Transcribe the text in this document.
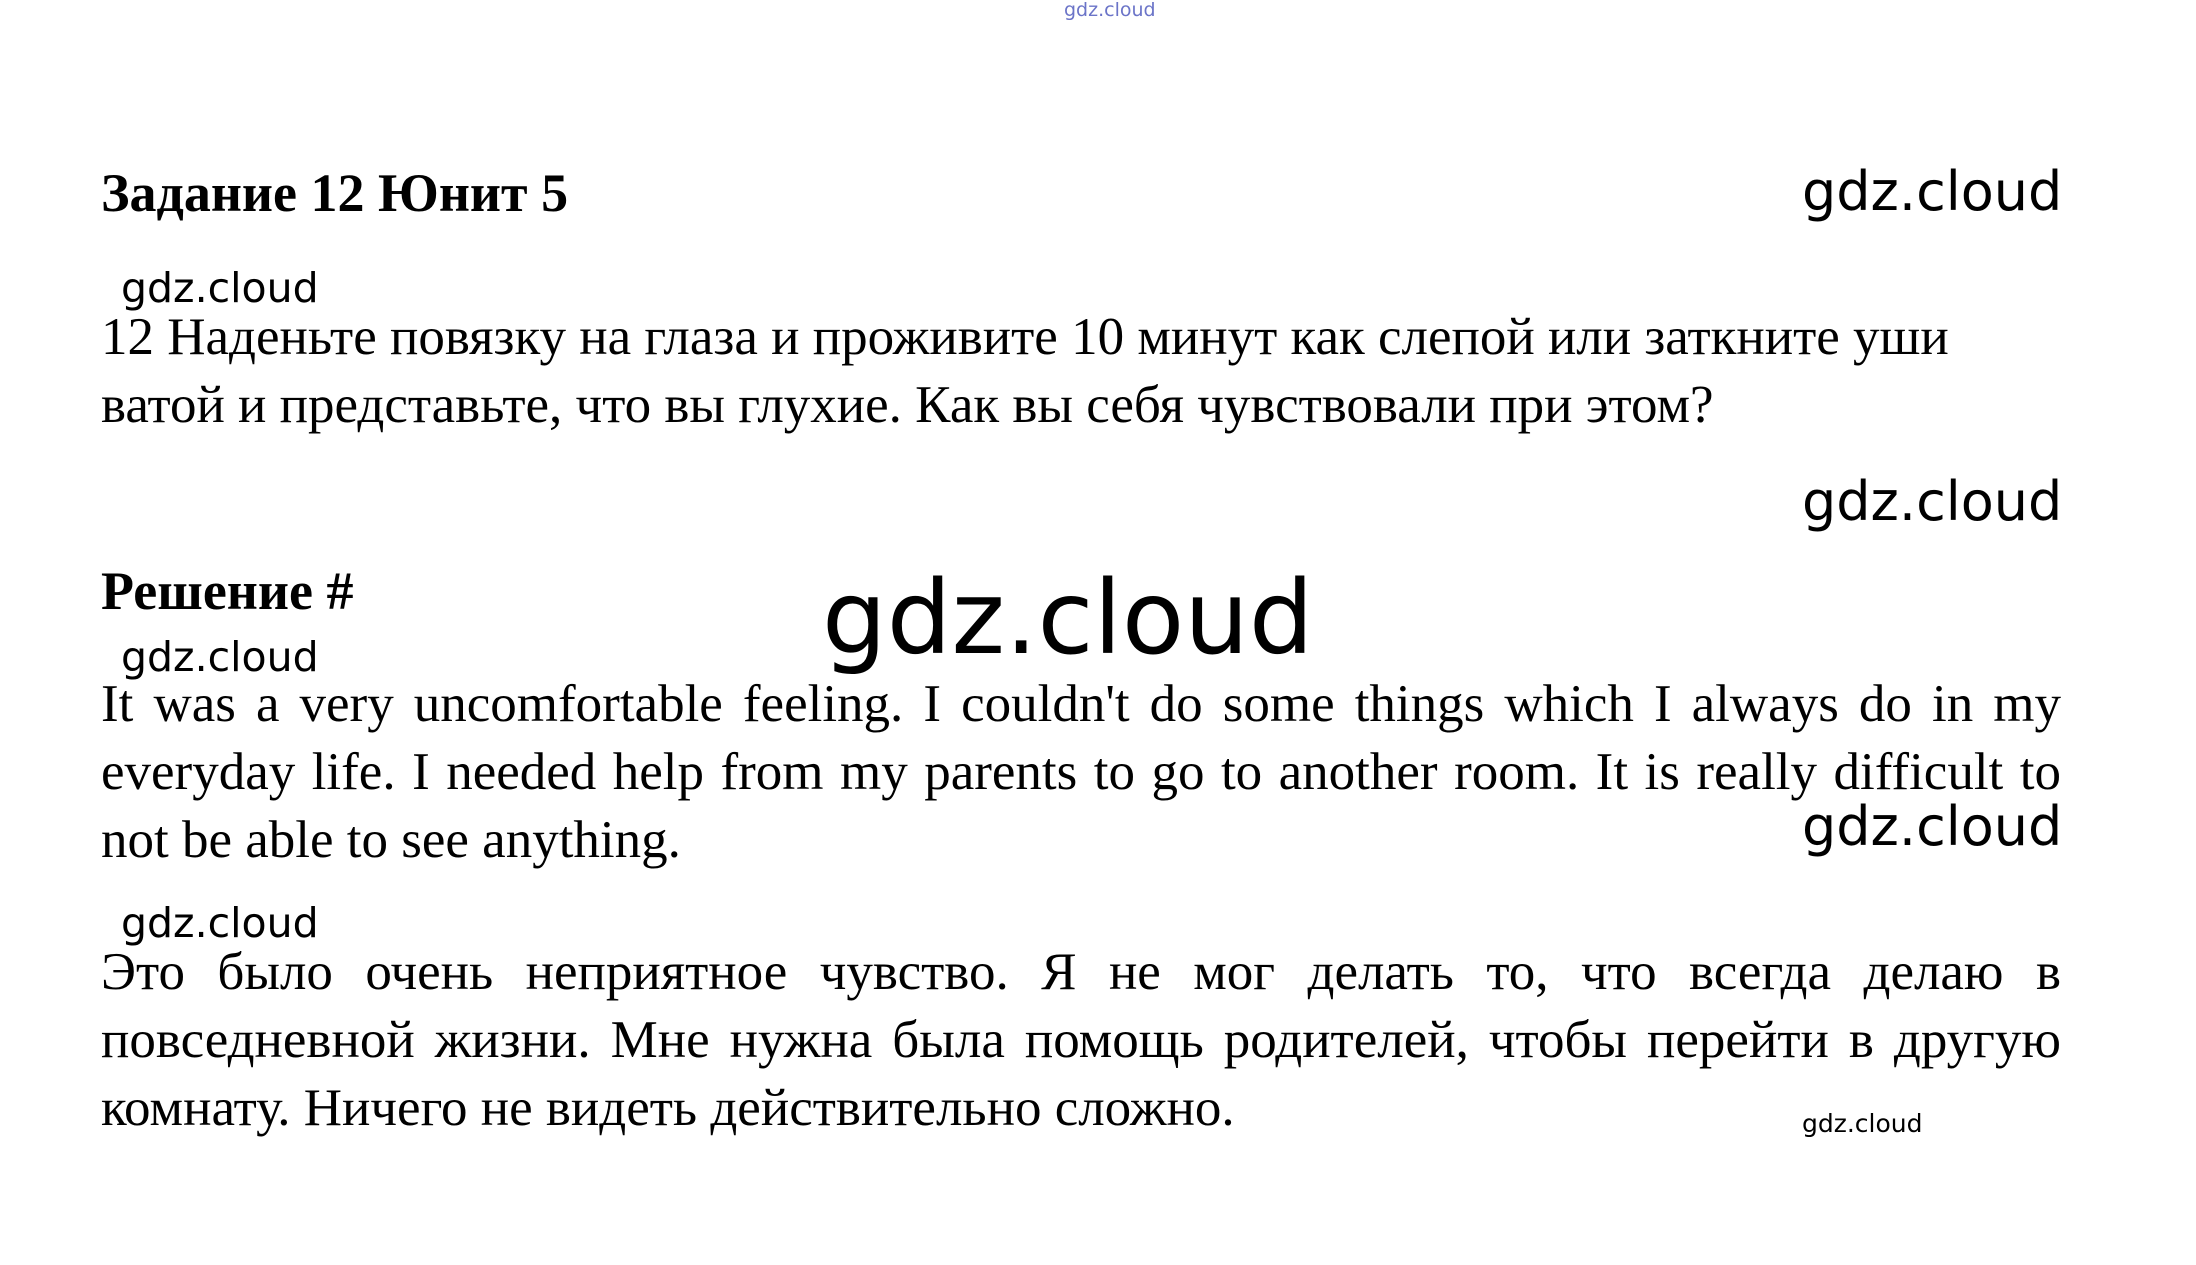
gdz.cloud
Задание 12 Юнит 5	gdz.cloud
gdz.cloud

12 Наденьте повязку на глаза и проживите 10 минут как слепой или заткните уши ватой и представьте, что вы глухие. Как вы себя чувствовали при этом?

gdz.cloud
Решение #	gdz.cloud
gdz.cloud

It was a very uncomfortable feeling. I couldn't do some things which I always do in my everyday life. I needed help from my parents to go to another room. It is really difficult to not be able to see anything.	gdz.cloud
gdz.cloud

Это было очень неприятное чувство. Я не мог делать то, что всегда делаю в повседневной жизни. Мне нужна была помощь родителей, чтобы перейти в другую комнату. Ничего не видеть действительно сложно.	gdz.cloud
